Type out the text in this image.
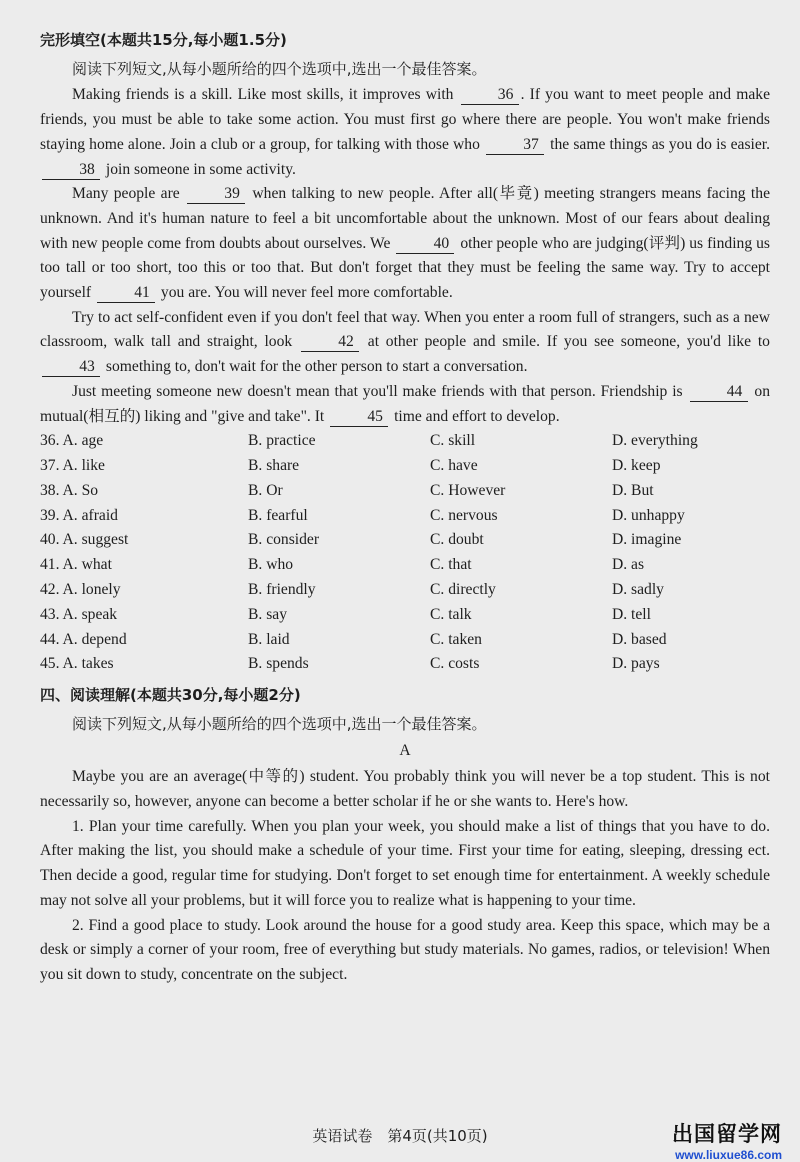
完形填空(本题共15分,每小题1.5分)
阅读下列短文,从每小题所给的四个选项中,选出一个最佳答案。

Making friends is a skill. Like most skills, it improves with	36 . If you want to meet people and make friends, you must be able to take some action. You must first go where there are people. You won't make friends staying home alone. Join a club or a group, for talking with those who	37 the same things as you do is easier. 38 join someone in some activity.

Many people are	39 when talking to new people. After all(毕竟) meeting strangers means facing the unknown. And it's human nature to feel a bit uncomfortable about the unknown. Most of our fears about dealing with new people come from doubts about ourselves. We	40 other people who are judging(评判) us finding us too tall or too short, too this or too that. But don't forget that they must be feeling the same way. Try to accept yourself	41 you are. You will never feel more comfortable.

Try to act self-confident even if you don't feel that way. When you enter a room full of strangers, such as a new classroom, walk tall and straight, look	42 at other people and smile. If you see someone, you'd like to 43 something to, don't wait for the other person to start a conversation.

Just meeting someone new doesn't mean that you'll make friends with that person. Friendship is	44 on mutual(相互的) liking and "give and take". It	45 time and effort to develop.

36. A. age	B. practice	C. skill	D. everything
37. A. like	B. share	C. have	D. keep
38. A. So	B. Or	C. However	D. But
39. A. afraid	B. fearful	C. nervous	D. unhappy
40. A. suggest	B. consider	C. doubt	D. imagine
41. A. what	B. who	C. that	D. as
42. A. lonely	B. friendly	C. directly	D. sadly
43. A. speak	B. say	C. talk	D. tell
44. A. depend	B. laid	C. taken	D. based
45. A. takes	B. spends	C. costs	D. pays
四、阅读理解(本题共30分,每小题2分)
阅读下列短文,从每小题所给的四个选项中,选出一个最佳答案。
A

Maybe you are an average(中等的) student. You probably think you will never be a top student. This is not necessarily so, however, anyone can become a better scholar if he or she wants to. Here's how.

1. Plan your time carefully. When you plan your week, you should make a list of things that you have to do. After making the list, you should make a schedule of your time. First your time for eating, sleeping, dressing ect. Then decide a good, regular time for studying. Don't forget to set enough time for entertainment. A weekly schedule may not solve all your problems, but it will force you to realize what is happening to your time.

2. Find a good place to study. Look around the house for a good study area. Keep this space, which may be a desk or simply a corner of your room, free of everything but study materials. No games, radios, or television! When you sit down to study, concentrate on the subject.

英语试卷　第4页(共10页)	出国留学网
www.liuxue86.com
